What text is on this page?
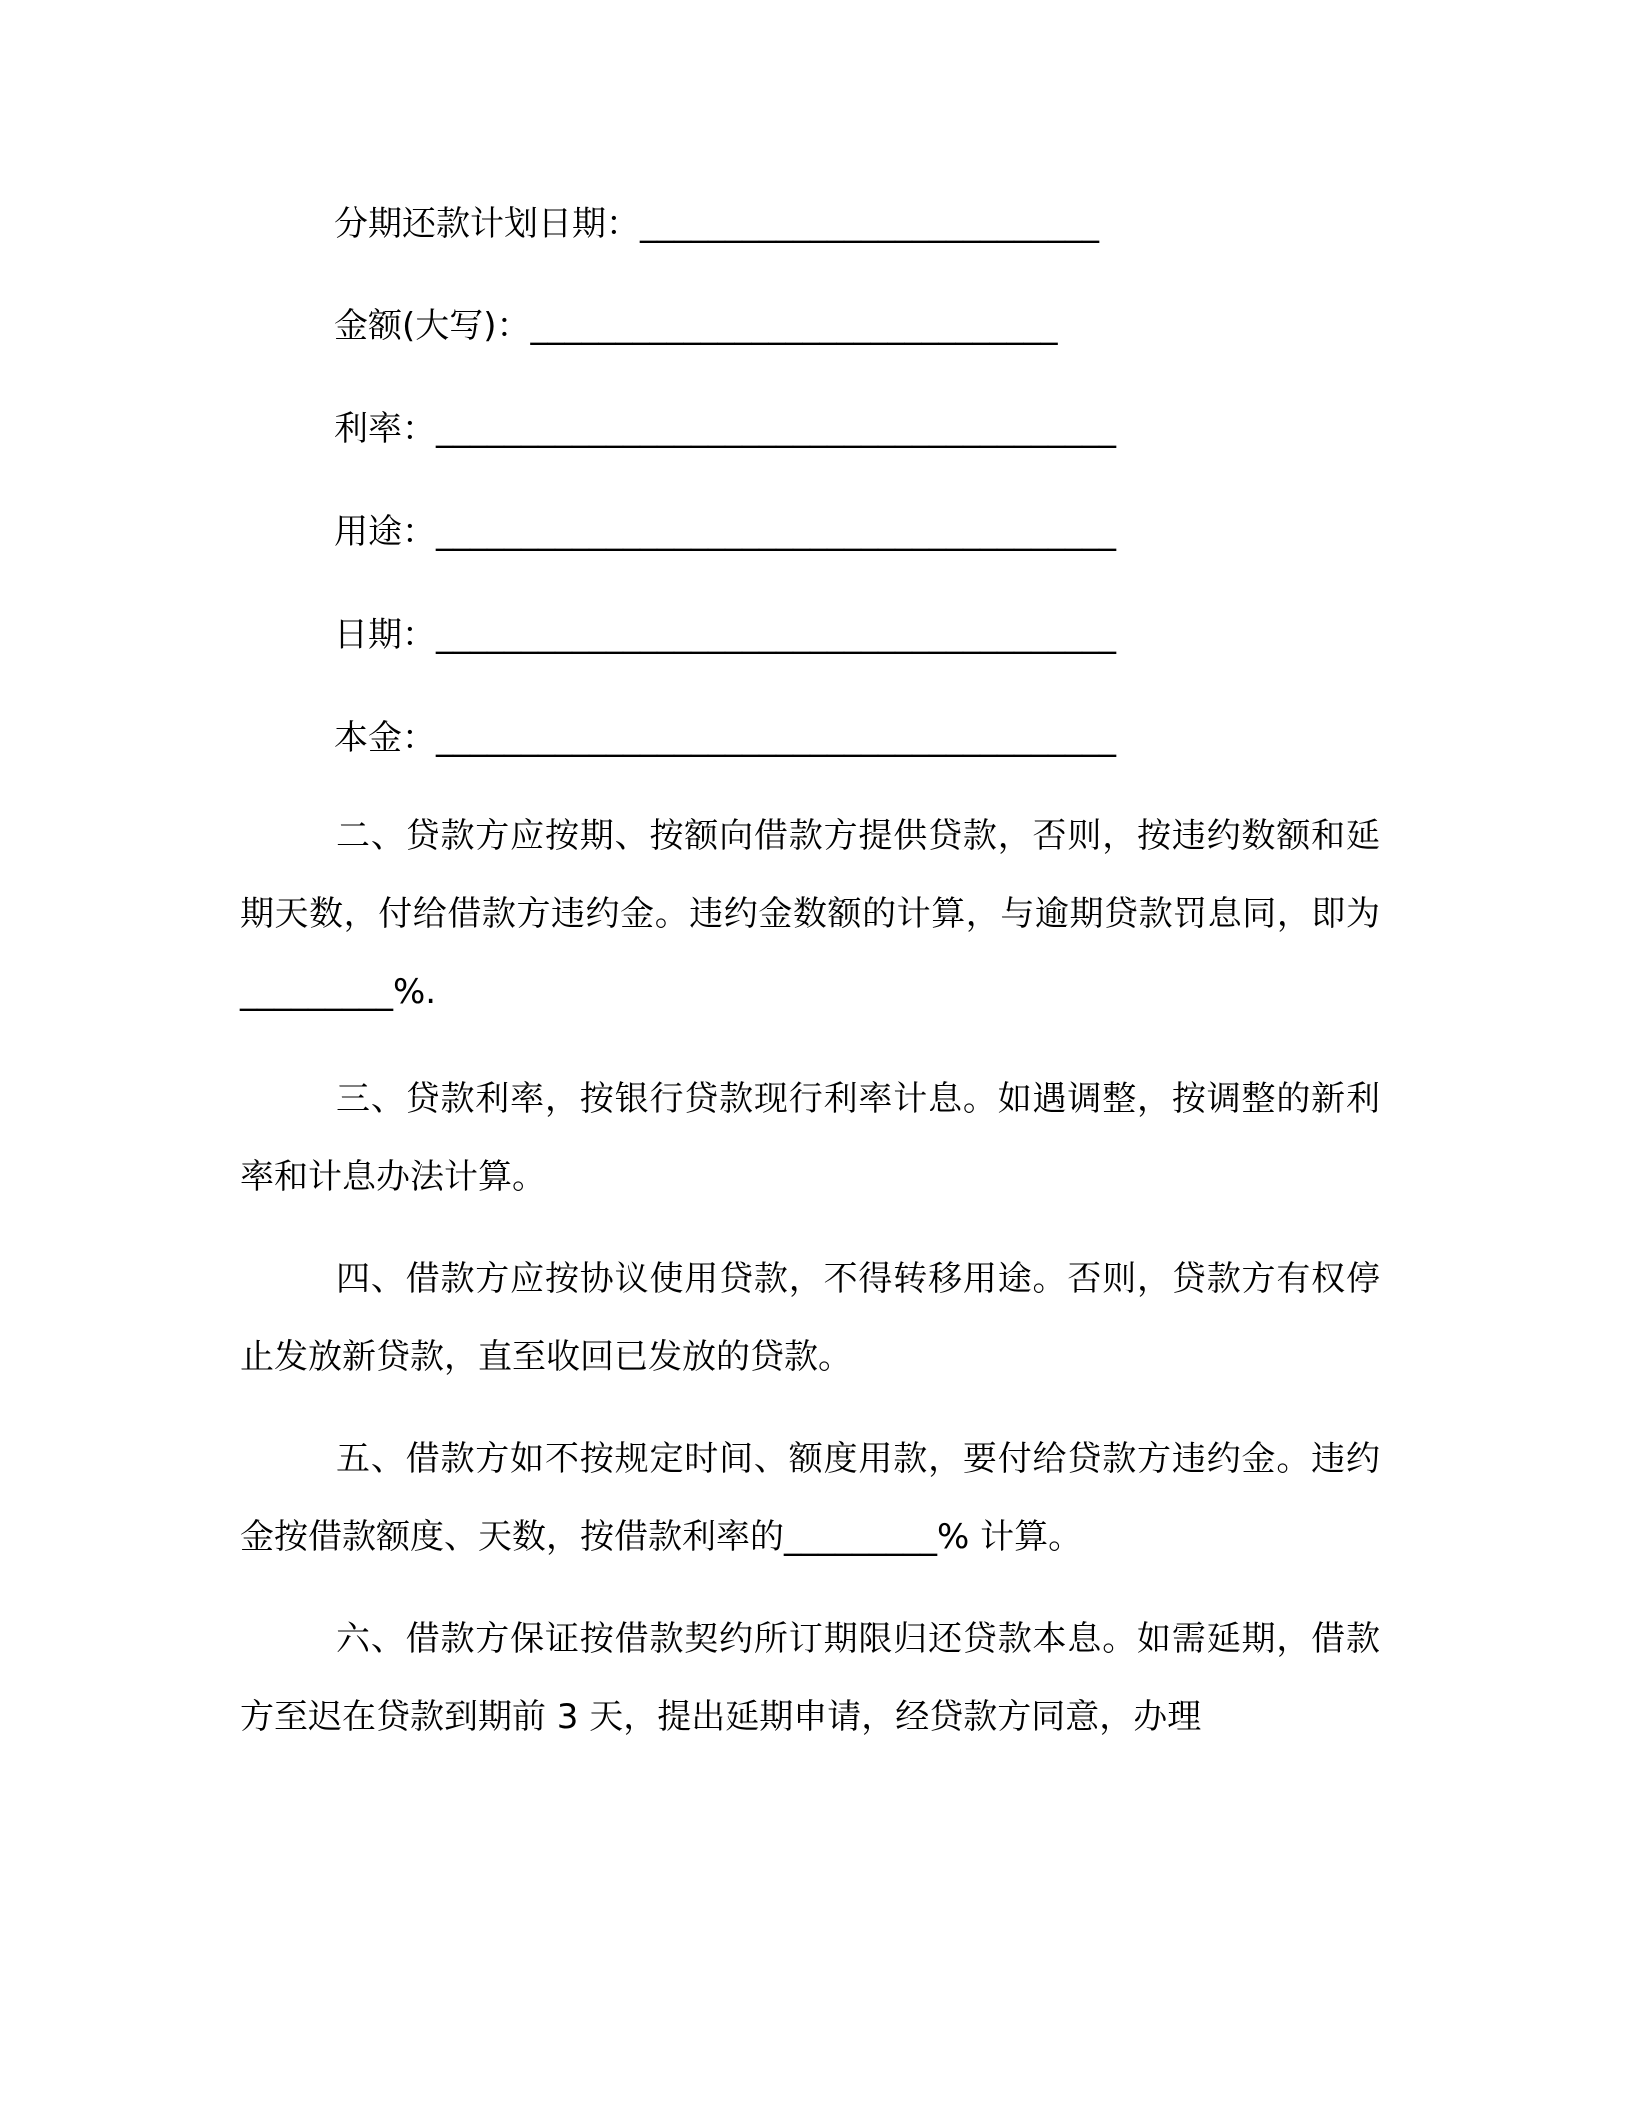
分期还款计划日期：___________________________
金额(大写)：_______________________________
利率：________________________________________
用途：________________________________________
日期：________________________________________
本金：________________________________________

二、贷款方应按期、按额向借款方提供贷款，否则，按违约数额和延期天数，付给借款方违约金。违约金数额的计算，与逾期贷款罚息同，即为_________%.

三、贷款利率，按银行贷款现行利率计息。如遇调整，按调整的新利率和计息办法计算。

四、借款方应按协议使用贷款，不得转移用途。否则，贷款方有权停止发放新贷款，直至收回已发放的贷款。

五、借款方如不按规定时间、额度用款，要付给贷款方违约金。违约金按借款额度、天数，按借款利率的_________% 计算。

六、借款方保证按借款契约所订期限归还贷款本息。如需延期，借款方至迟在贷款到期前 3 天，提出延期申请，经贷款方同意，办理
